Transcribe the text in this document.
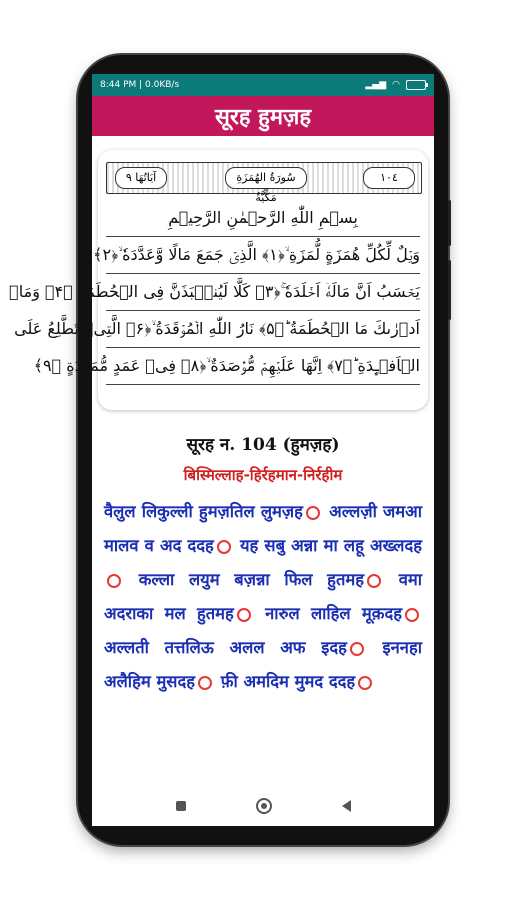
8:44 PM | 0.0KB/s	▂▄▆ ◠
सूरह हुमज़ह
آيَاتُهَا ٩	سُورَةُ الهُمَزَةِ مَكِّيَّةٌ
١٠٤
بِسۡمِ اللّٰهِ الرَّحۡمٰنِ الرَّحِيۡمِ
وَيۡلٌ لِّكُلِّ هُمَزَةٍ لُّمَزَةِ ۙ﴿۱﴾ الَّذِىۡ جَمَعَ مَالًا وَّعَدَّدَهٗ ۙ﴿۲﴾
يَحۡسَبُ اَنَّ مَالَهٗۤ اَخۡلَدَهٗ ۚ﴿۳﴾ كَلَّا لَيُنۡۢبَذَنَّ فِى الۡحُطَمَةِ ﴿۴﴾ وَمَاۤ
اَدۡرٰٮكَ مَا الۡحُطَمَةُ ؕ﴿۵﴾ نَارُ اللّٰهِ الۡمُوۡقَدَةُ ۙ﴿۶﴾ الَّتِىۡ تَطَّلِعُ عَلَى
الۡاَفۡـِٕدَةِ ؕ﴿۷﴾ اِنَّهَا عَلَيۡهِمۡ مُّؤۡصَدَةٌ ۙ﴿۸﴾ فِىۡ عَمَدٍ مُّمَدَّدَةٍ ﴿۹﴾
सूरह न. 104 (हुमज़ह)
बिस्मिल्लाह-हिर्रहमान-निर्रहीम
वैलुल लिकुल्ली हुमज़तिल लुमज़ह अल्लज़ी जमआ मालव व अद ददह यह सबु अन्ना मा लहू अख्लदह कल्ला लयुम बज़न्ना फिल हुतमह वमा अदराका मल हुतमह नारुल लाहिल मूक़दह अल्लती तत्तलिऊ अलल अफ इदह इननहा अलैहिम मुसदह फ़ी अमदिम मुमद ददह
